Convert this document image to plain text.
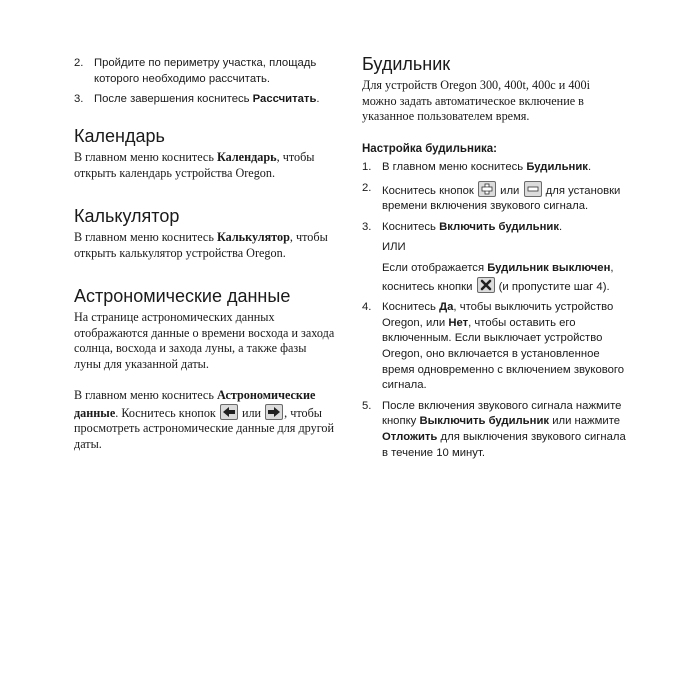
2. Пройдите по периметру участка, площадь которого необходимо рассчитать.
3. После завершения коснитесь Рассчитать.
Календарь

В главном меню коснитесь Календарь, чтобы открыть календарь устройства Oregon.

Калькулятор

В главном меню коснитесь Калькулятор, чтобы открыть калькулятор устройства Oregon.

Астрономические данные

На странице астрономических данных отображаются данные о времени восхода и захода солнца, восхода и захода луны, а также фазы луны для указанной даты.

В главном меню коснитесь Астрономические данные. Коснитесь кнопок
или
, чтобы просмотреть астрономические данные для другой даты.

Будильник

Для устройств Oregon 300, 400t, 400c и 400i можно задать автоматическое включение в указанное пользователем время.

Настройка будильника:

1. В главном меню коснитесь Будильник.
2. Коснитесь кнопок
или
для установки времени включения звукового сигнала.
3. Коснитесь Включить будильник.
ИЛИ
Если отображается Будильник выключен, коснитесь кнопки
(и пропустите шаг 4).
4. Коснитесь Да, чтобы выключить устройство Oregon, или Нет, чтобы оставить его включенным. Если выключает устройство Oregon, оно включается в установленное время одновременно с включением звукового сигнала.
5. После включения звукового сигнала нажмите кнопку Выключить будильник или нажмите Отложить для выключения звукового сигнала в течение 10 минут.
